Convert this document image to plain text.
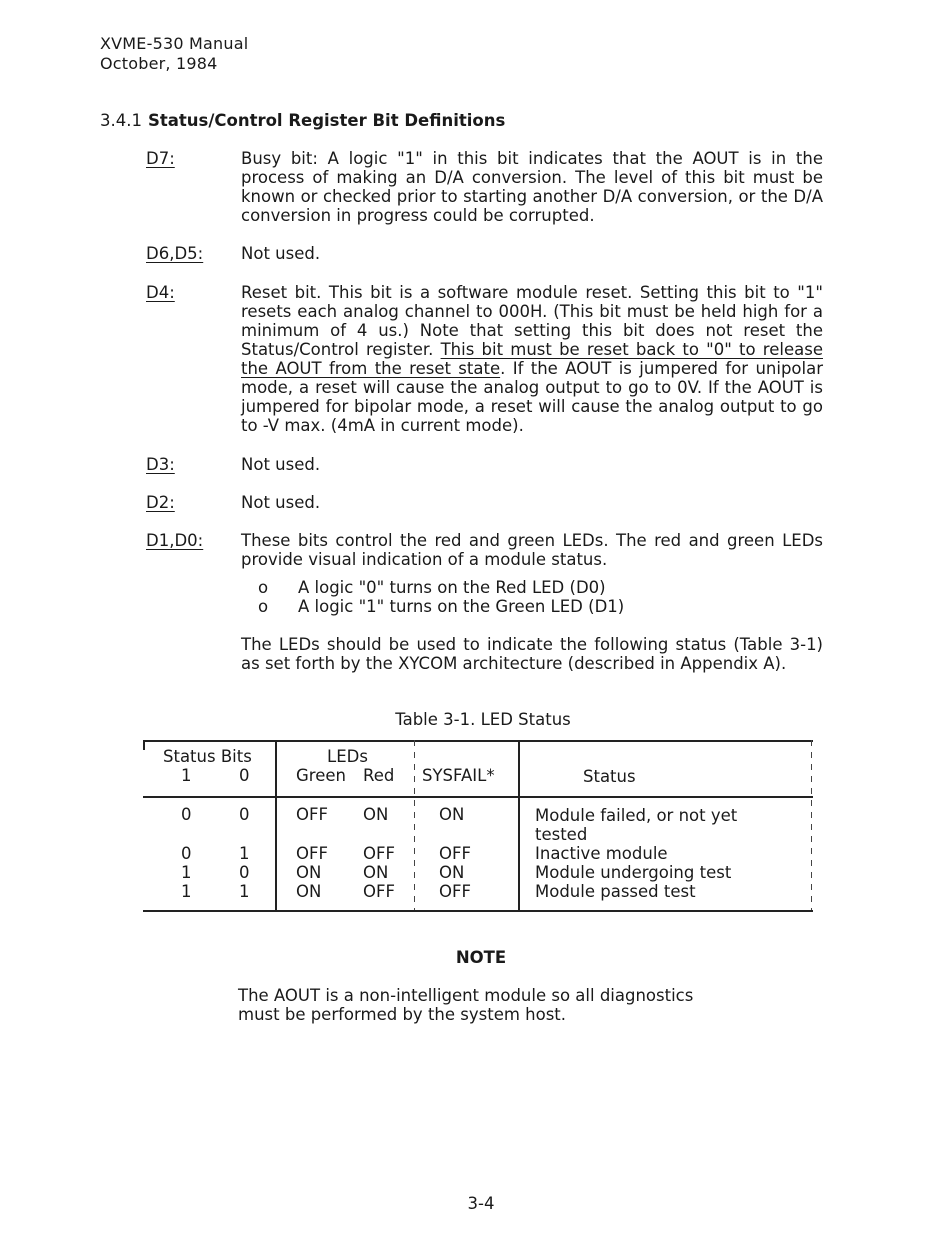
XVME-530 Manual
October, 1984
3.4.1 Status/Control Register Bit Definitions
D7:	Busy bit: A logic "1" in this bit indicates that the AOUT is in the process of making an D/A conversion. The level of this bit must be known or checked prior to starting another D/A conversion, or the D/A conversion in progress could be corrupted.
D6,D5: Not used.
D4:	Reset bit. This bit is a software module reset. Setting this bit to "1" resets each analog channel to 000H. (This bit must be held high for a minimum of 4 us.) Note that setting this bit does not reset the Status/Control register. This bit must be reset back to "0" to release the AOUT from the reset state. If the AOUT is jumpered for unipolar mode, a reset will cause the analog output to go to 0V. If the AOUT is jumpered for bipolar mode, a reset will cause the analog output to go to -V max. (4mA in current mode).
D3:	Not used.
D2:	Not used.
D1,D0: These bits control the red and green LEDs. The red and green LEDs provide visual indication of a module status.
o A logic "0" turns on the Red LED (D0)
o A logic "1" turns on the Green LED (D1)
The LEDs should be used to indicate the following status (Table 3-1) as set forth by the XYCOM architecture (described in Appendix A).
Table 3-1. LED Status
Status Bits
1	0
LEDs
Green Red SYSFAIL*	Status
0	0	OFF ON	ON	Module failed, or not yet
tested
0	1	OFF OFF	OFF	Inactive module
1	0	ON	ON	ON	Module undergoing test
1	1	ON	OFF	OFF	Module passed test
NOTE
The AOUT is a non-intelligent module so all diagnostics must be performed by the system host.
3-4
